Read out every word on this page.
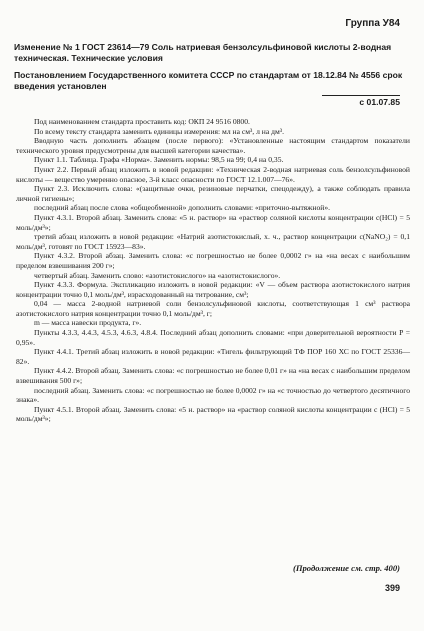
Группа У84
Изменение № 1 ГОСТ 23614—79 Соль натриевая бензолсульфиновой кислоты 2-водная техническая. Технические условия
Постановлением Государственного комитета СССР по стандартам от 18.12.84 № 4556 срок введения установлен
с 01.07.85

Под наименованием стандарта проставить код: ОКП 24 9516 0800.

По всему тексту стандарта заменить единицы измерения: мл на см³, л на дм³.

Вводную часть дополнить абзацем (после первого): «Установленные настоящим стандартом показатели технического уровня предусмотрены для высшей категории качества».

Пункт 1.1. Таблица. Графа «Норма». Заменить нормы: 98,5 на 99; 0,4 на 0,35.

Пункт 2.2. Первый абзац изложить в новой редакции: «Техническая 2-водная натриевая соль бензолсульфиновой кислоты — вещество умеренно опасное, 3-й класс опасности по ГОСТ 12.1.007—76».

Пункт 2.3. Исключить слова: «(защитные очки, резиновые перчатки, спецодежду), а также соблюдать правила личной гигиены»;

последний абзац после слова «общеобменной» дополнить словами: «приточно-вытяжной».

Пункт 4.3.1. Второй абзац. Заменить слова: «5 н. раствор» на «раствор соляной кислоты концентрации c(HCl) = 5 моль/дм³»;

третий абзац изложить в новой редакции: «Натрий азотистокислый, х. ч., раствор концентрации c(NaNO₂) = 0,1 моль/дм³, готовят по ГОСТ 15923—83».

Пункт 4.3.2. Второй абзац. Заменить слова: «с погрешностью не более 0,0002 г» на «на весах с наибольшим пределом взвешивания 200 г»;

четвертый абзац. Заменить слово: «азотистокислого» на «азотистокислого».

Пункт 4.3.3. Формула. Экспликацию изложить в новой редакции: «V — объем раствора азотистокислого натрия концентрации точно 0,1 моль/дм³, израсходованный на титрование, см³;

0,04 — масса 2-водной натриевой соли бензолсульфиновой кислоты, соответствующая 1 см³ раствора азотистокислого натрия концентрации точно 0,1 моль/дм³, г;

m — масса навески продукта, г».

Пункты 4.3.3, 4.4.3, 4.5.3, 4.6.3, 4.8.4. Последний абзац дополнить словами: «при доверительной вероятности P = 0,95».

Пункт 4.4.1. Третий абзац изложить в новой редакции: «Тигель фильтрующий ТФ ПОР 160 ХС по ГОСТ 25336—82».

Пункт 4.4.2. Второй абзац. Заменить слова: «с погрешностью не более 0,01 г» на «на весах с наибольшим пределом взвешивания 500 г»;

последний абзац. Заменить слова: «с погрешностью не более 0,0002 г» на «с точностью до четвертого десятичного знака».

Пункт 4.5.1. Второй абзац. Заменить слова: «5 н. раствор» на «раствор соляной кислоты концентрации с (HCl) = 5 моль/дм³»;

(Продолжение см. стр. 400)
399
